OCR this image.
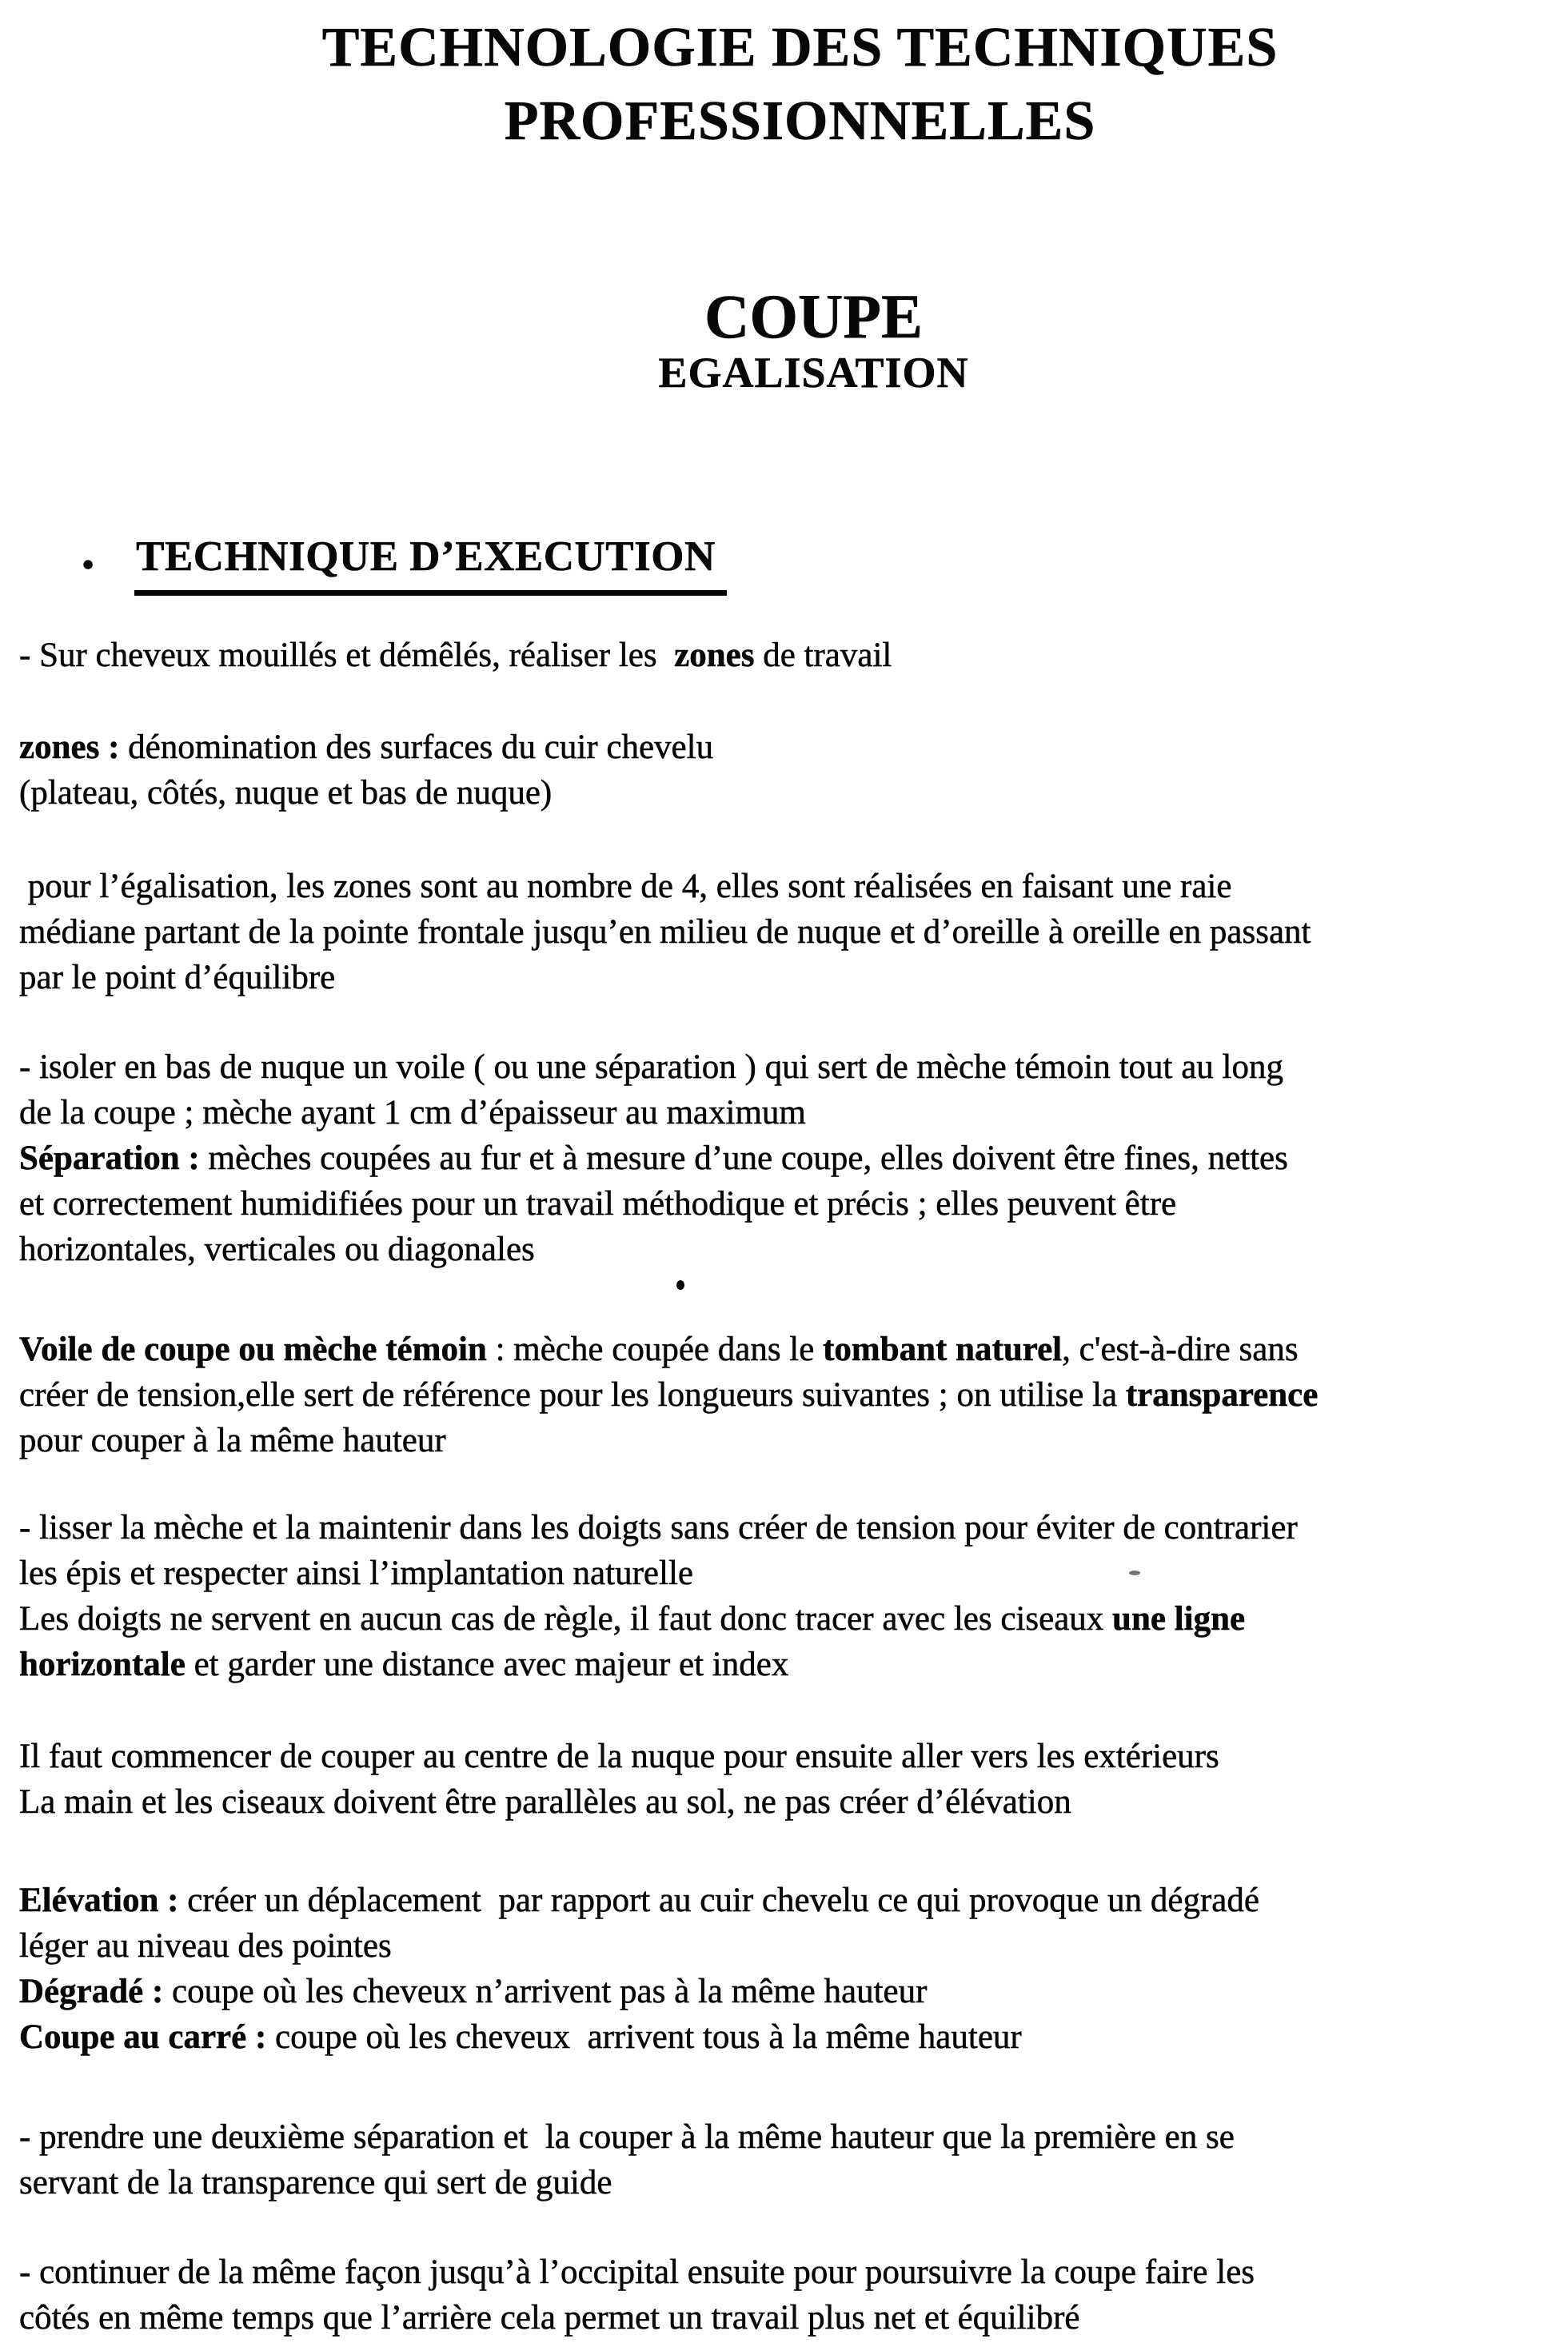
TECHNOLOGIE DES TECHNIQUES
PROFESSIONNELLES
COUPE
EGALISATION
• TECHNIQUE D’EXECUTION
- Sur cheveux mouillés et démêlés, réaliser les  zones de travail
zones : dénomination des surfaces du cuir chevelu
(plateau, côtés, nuque et bas de nuque)
pour l’égalisation, les zones sont au nombre de 4, elles sont réalisées en faisant une raie
médiane partant de la pointe frontale jusqu’en milieu de nuque et d’oreille à oreille en passant
par le point d’équilibre
- isoler en bas de nuque un voile ( ou une séparation ) qui sert de mèche témoin tout au long
de la coupe ; mèche ayant 1 cm d’épaisseur au maximum
Séparation : mèches coupées au fur et à mesure d’une coupe, elles doivent être fines, nettes
et correctement humidifiées pour un travail méthodique et précis ; elles peuvent être
horizontales, verticales ou diagonales
Voile de coupe ou mèche témoin : mèche coupée dans le tombant naturel, c'est-à-dire sans
créer de tension,elle sert de référence pour les longueurs suivantes ; on utilise la transparence
pour couper à la même hauteur
- lisser la mèche et la maintenir dans les doigts sans créer de tension pour éviter de contrarier
les épis et respecter ainsi l’implantation naturelle
Les doigts ne servent en aucun cas de règle, il faut donc tracer avec les ciseaux une ligne
horizontale et garder une distance avec majeur et index
Il faut commencer de couper au centre de la nuque pour ensuite aller vers les extérieurs
La main et les ciseaux doivent être parallèles au sol, ne pas créer d’élévation
Elévation : créer un déplacement  par rapport au cuir chevelu ce qui provoque un dégradé
léger au niveau des pointes
Dégradé : coupe où les cheveux n’arrivent pas à la même hauteur
Coupe au carré : coupe où les cheveux  arrivent tous à la même hauteur
- prendre une deuxième séparation et  la couper à la même hauteur que la première en se
servant de la transparence qui sert de guide
- continuer de la même façon jusqu’à l’occipital ensuite pour poursuivre la coupe faire les
côtés en même temps que l’arrière cela permet un travail plus net et équilibré
